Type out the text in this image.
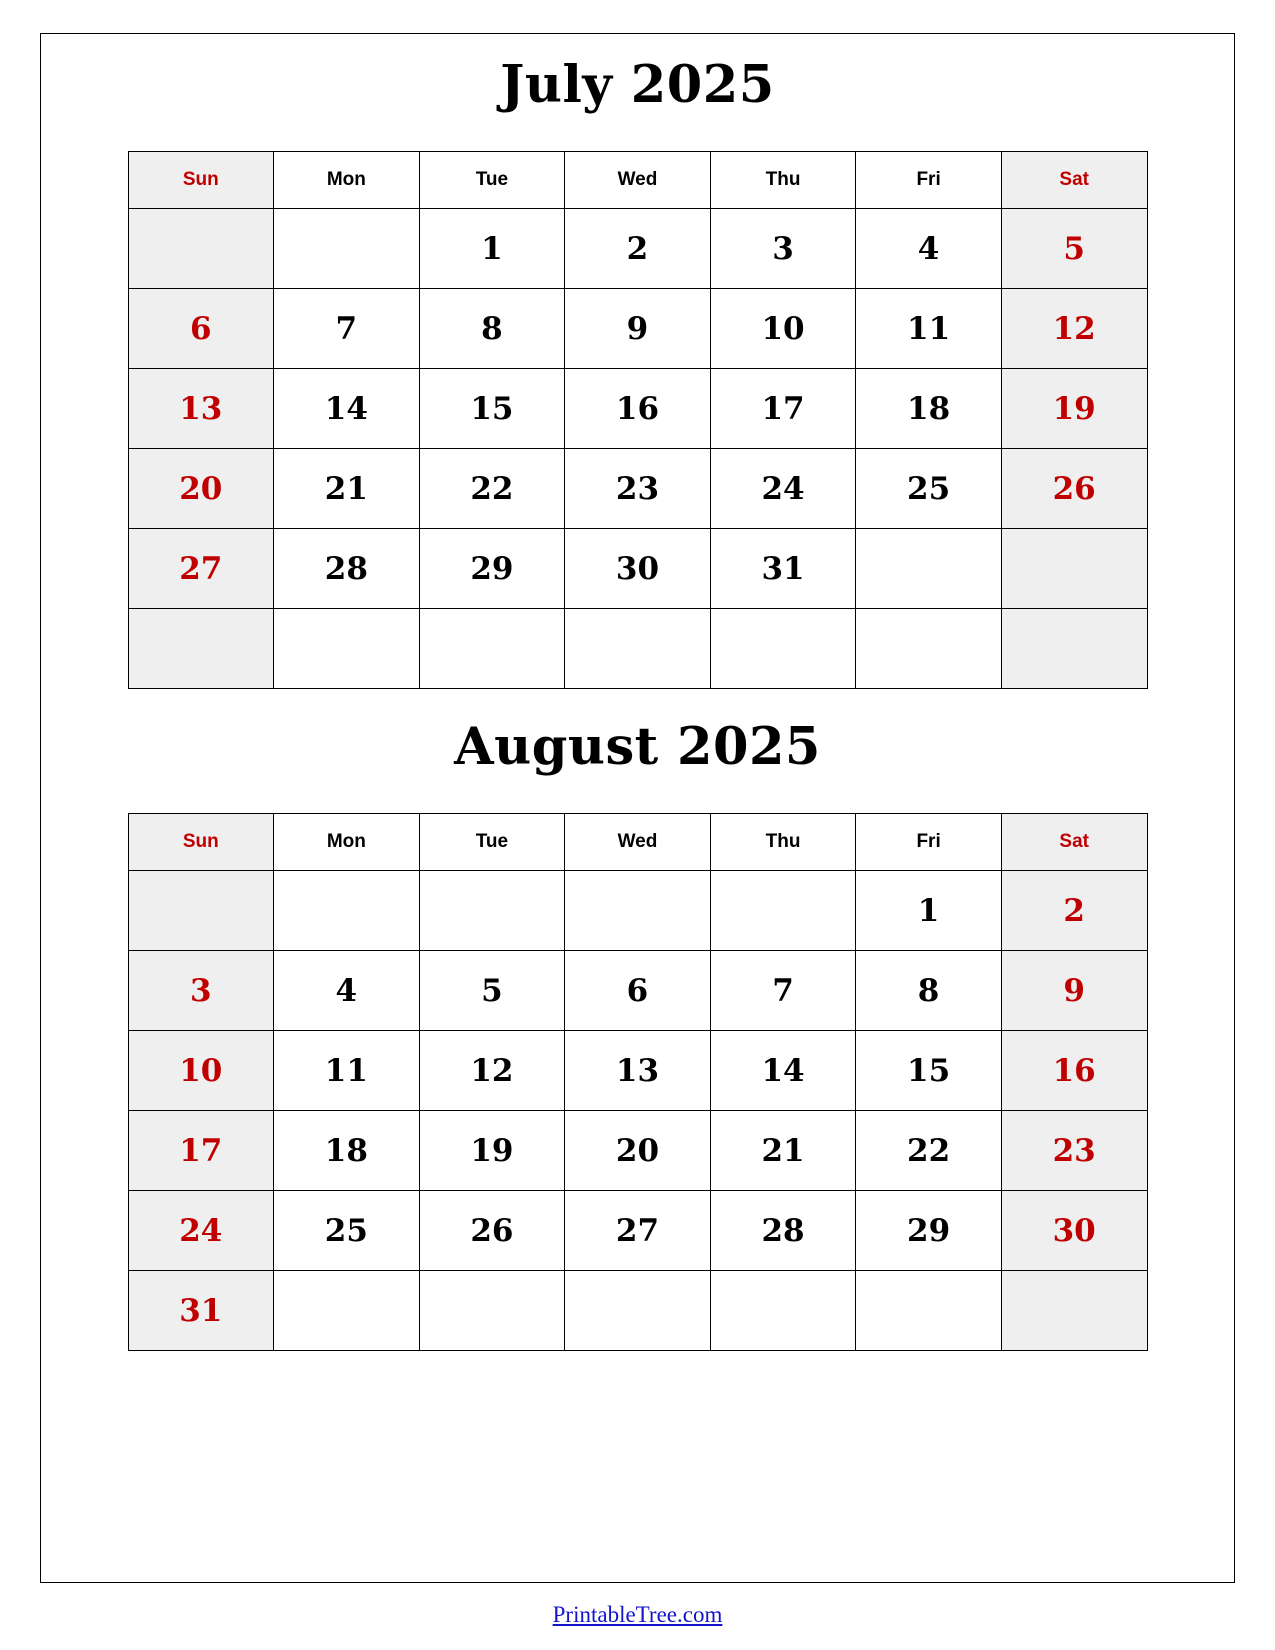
July 2025
Sun	Mon	Tue	Wed	Thu	Fri	Sat
		1	2	3	4	5
6	7	8	9	10	11	12
13	14	15	16	17	18	19
20	21	22	23	24	25	26
27	28	29	30	31		

August 2025
Sun	Mon	Tue	Wed	Thu	Fri	Sat
					1	2
3	4	5	6	7	8	9
10	11	12	13	14	15	16
17	18	19	20	21	22	23
24	25	26	27	28	29	30
31						
PrintableTree.com
